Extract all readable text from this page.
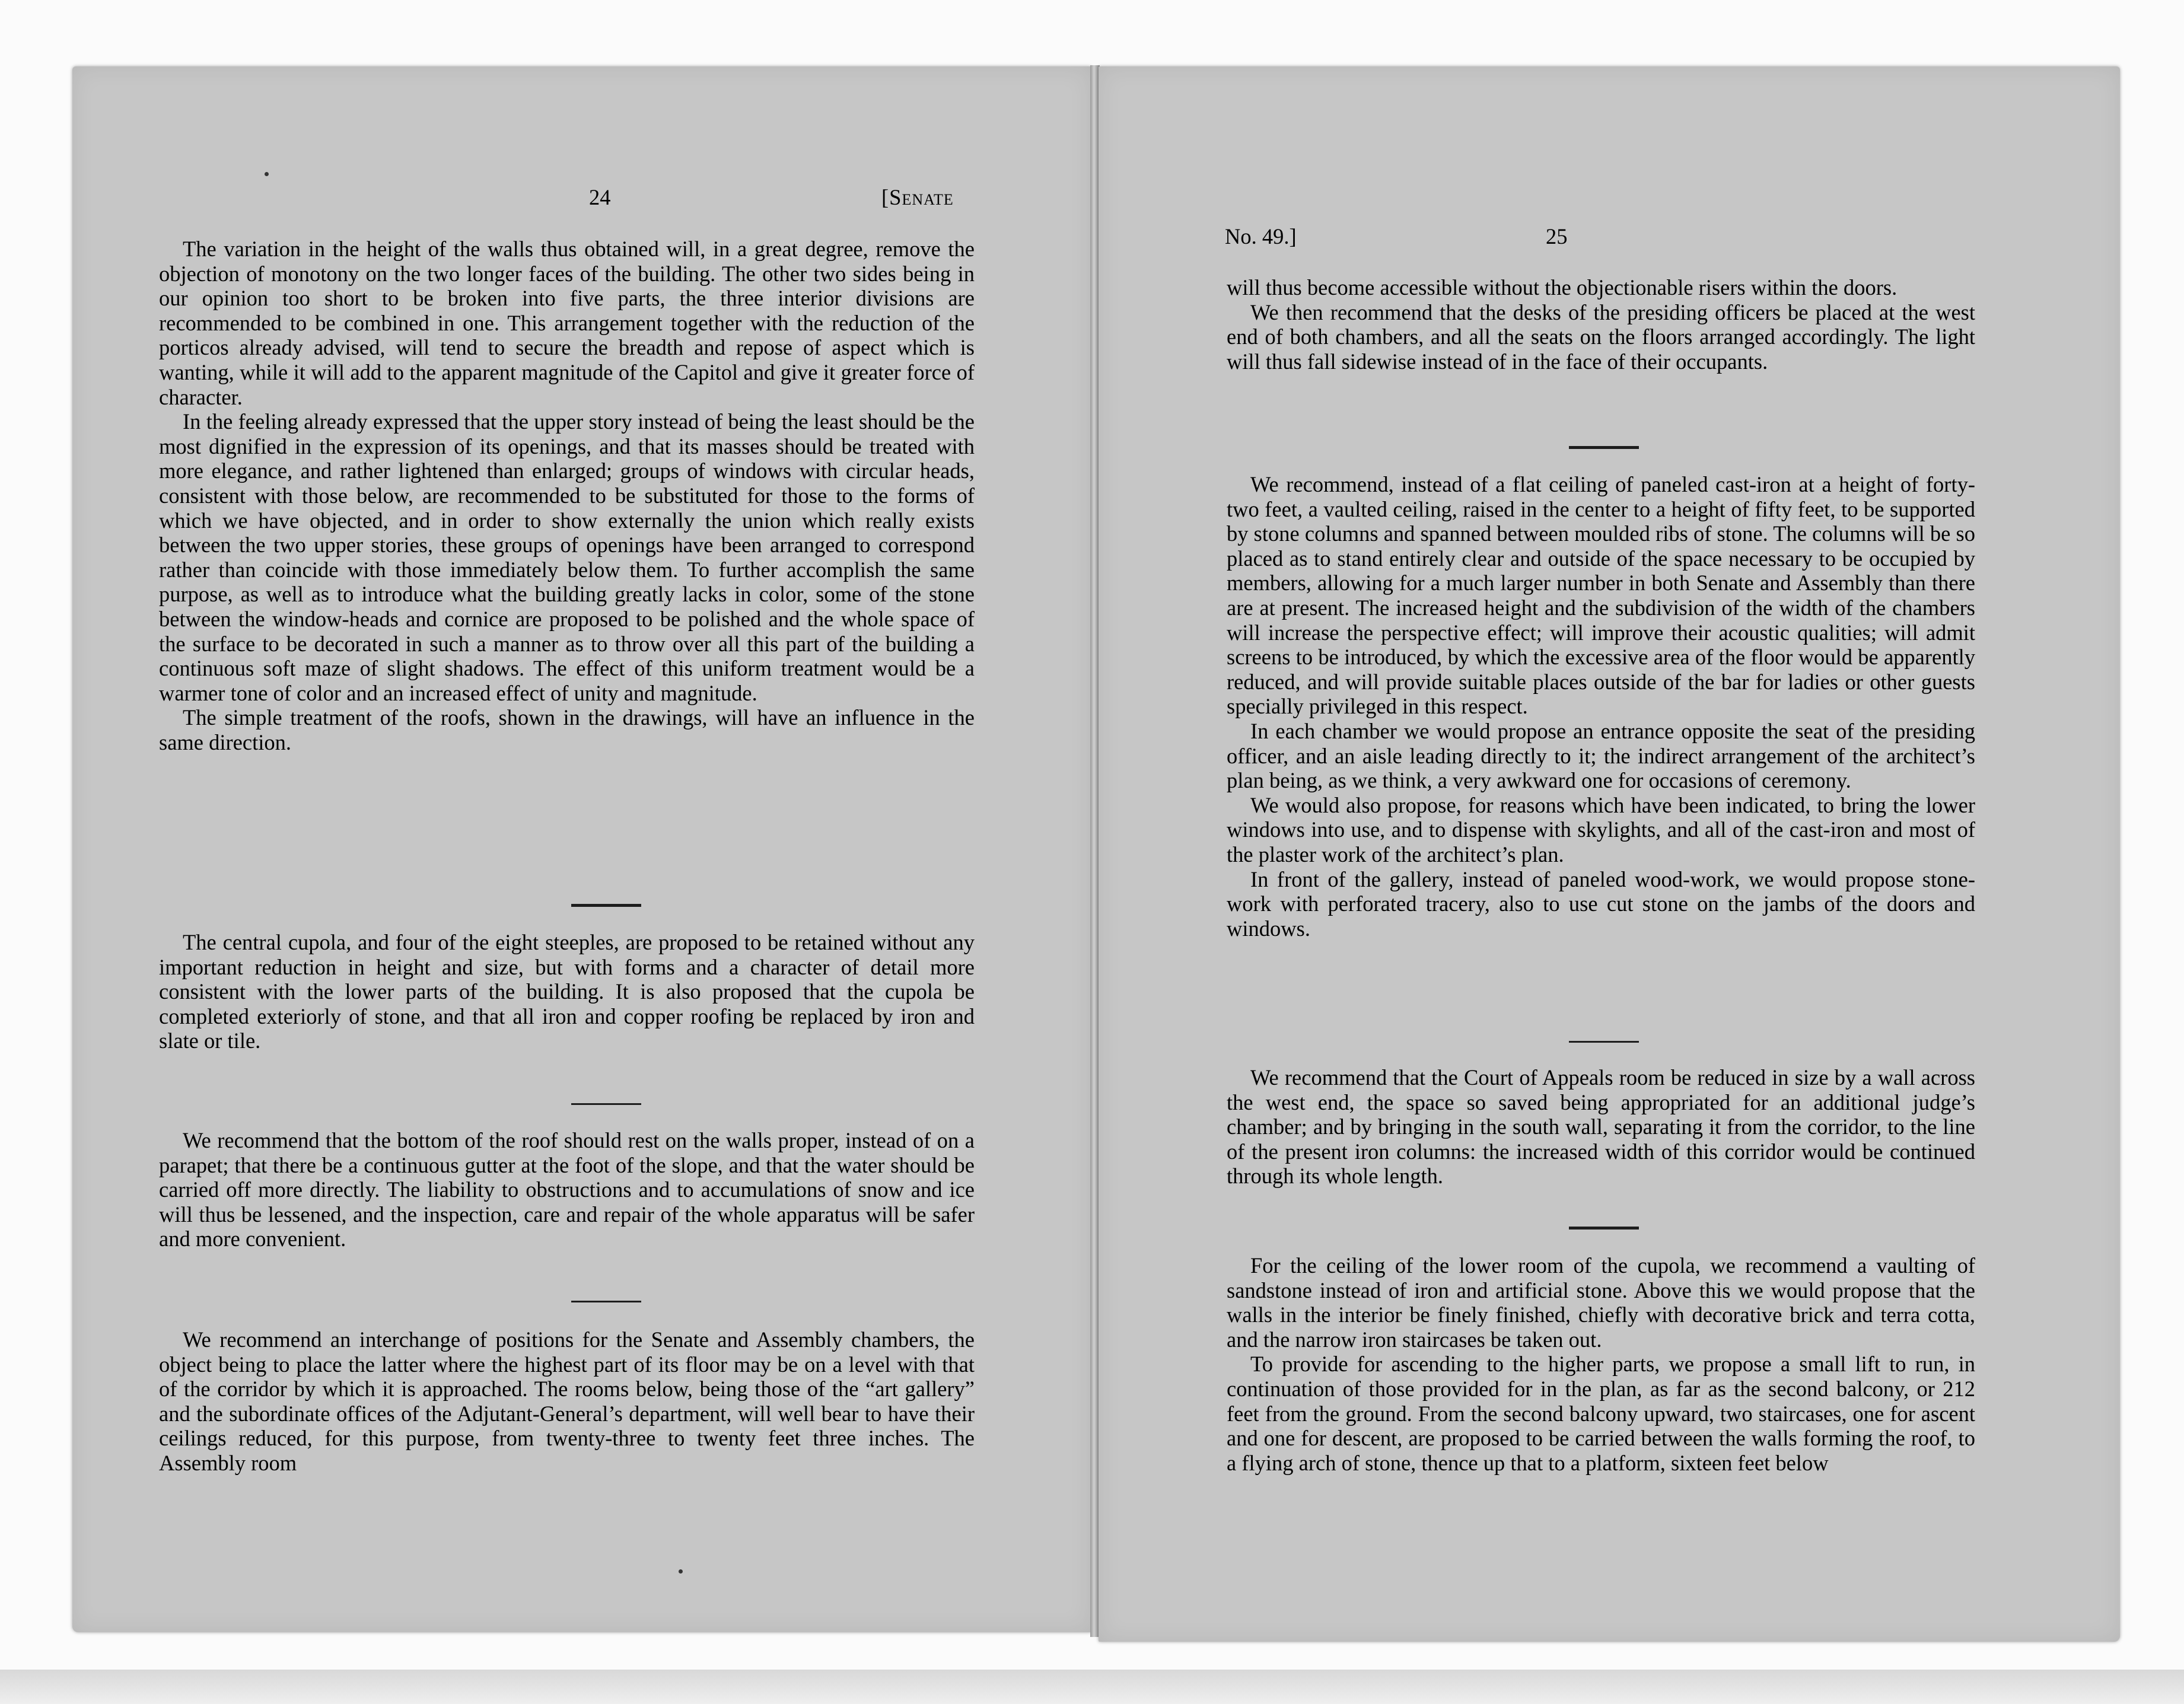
24	[Senate

The variation in the height of the walls thus obtained will, in a great degree, remove the objection of monotony on the two longer faces of the building. The other two sides being in our opinion too short to be broken into five parts, the three interior divisions are recommended to be combined in one. This arrangement together with the reduction of the porticos already advised, will tend to secure the breadth and repose of aspect which is wanting, while it will add to the apparent magnitude of the Capitol and give it greater force of character.

In the feeling already expressed that the upper story instead of being the least should be the most dignified in the expression of its openings, and that its masses should be treated with more elegance, and rather lightened than enlarged; groups of windows with circular heads, consistent with those below, are recommended to be substituted for those to the forms of which we have objected, and in order to show externally the union which really exists between the two upper stories, these groups of openings have been arranged to correspond rather than coincide with those immediately below them. To further accomplish the same purpose, as well as to introduce what the building greatly lacks in color, some of the stone between the window-heads and cornice are proposed to be polished and the whole space of the surface to be decorated in such a manner as to throw over all this part of the building a continuous soft maze of slight shadows. The effect of this uniform treatment would be a warmer tone of color and an increased effect of unity and magnitude.

The simple treatment of the roofs, shown in the drawings, will have an influence in the same direction.

The central cupola, and four of the eight steeples, are proposed to be retained without any important reduction in height and size, but with forms and a character of detail more consistent with the lower parts of the building. It is also proposed that the cupola be completed exteriorly of stone, and that all iron and copper roofing be replaced by iron and slate or tile.

We recommend that the bottom of the roof should rest on the walls proper, instead of on a parapet; that there be a continuous gutter at the foot of the slope, and that the water should be carried off more directly. The liability to obstructions and to accumulations of snow and ice will thus be lessened, and the inspection, care and repair of the whole apparatus will be safer and more convenient.

We recommend an interchange of positions for the Senate and Assembly chambers, the object being to place the latter where the highest part of its floor may be on a level with that of the corridor by which it is approached. The rooms below, being those of the “art gallery” and the subordinate offices of the Adjutant-General’s department, will well bear to have their ceilings reduced, for this purpose, from twenty-three to twenty feet three inches. The Assembly room

No. 49.]	25

will thus become accessible without the objectionable risers within the doors.

We then recommend that the desks of the presiding officers be placed at the west end of both chambers, and all the seats on the floors arranged accordingly. The light will thus fall sidewise instead of in the face of their occupants.

We recommend, instead of a flat ceiling of paneled cast-iron at a height of forty-two feet, a vaulted ceiling, raised in the center to a height of fifty feet, to be supported by stone columns and spanned between moulded ribs of stone. The columns will be so placed as to stand entirely clear and outside of the space necessary to be occupied by members, allowing for a much larger number in both Senate and Assembly than there are at present. The increased height and the subdivision of the width of the chambers will increase the perspective effect; will improve their acoustic qualities; will admit screens to be introduced, by which the excessive area of the floor would be apparently reduced, and will provide suitable places outside of the bar for ladies or other guests specially privileged in this respect.

In each chamber we would propose an entrance opposite the seat of the presiding officer, and an aisle leading directly to it; the indirect arrangement of the architect’s plan being, as we think, a very awkward one for occasions of ceremony.

We would also propose, for reasons which have been indicated, to bring the lower windows into use, and to dispense with skylights, and all of the cast-iron and most of the plaster work of the architect’s plan.

In front of the gallery, instead of paneled wood-work, we would propose stone-work with perforated tracery, also to use cut stone on the jambs of the doors and windows.

We recommend that the Court of Appeals room be reduced in size by a wall across the west end, the space so saved being appropriated for an additional judge’s chamber; and by bringing in the south wall, separating it from the corridor, to the line of the present iron columns: the increased width of this corridor would be continued through its whole length.

For the ceiling of the lower room of the cupola, we recommend a vaulting of sandstone instead of iron and artificial stone. Above this we would propose that the walls in the interior be finely finished, chiefly with decorative brick and terra cotta, and the narrow iron staircases be taken out.

To provide for ascending to the higher parts, we propose a small lift to run, in continuation of those provided for in the plan, as far as the second balcony, or 212 feet from the ground. From the second balcony upward, two staircases, one for ascent and one for descent, are proposed to be carried between the walls forming the roof, to a flying arch of stone, thence up that to a platform, sixteen feet below
